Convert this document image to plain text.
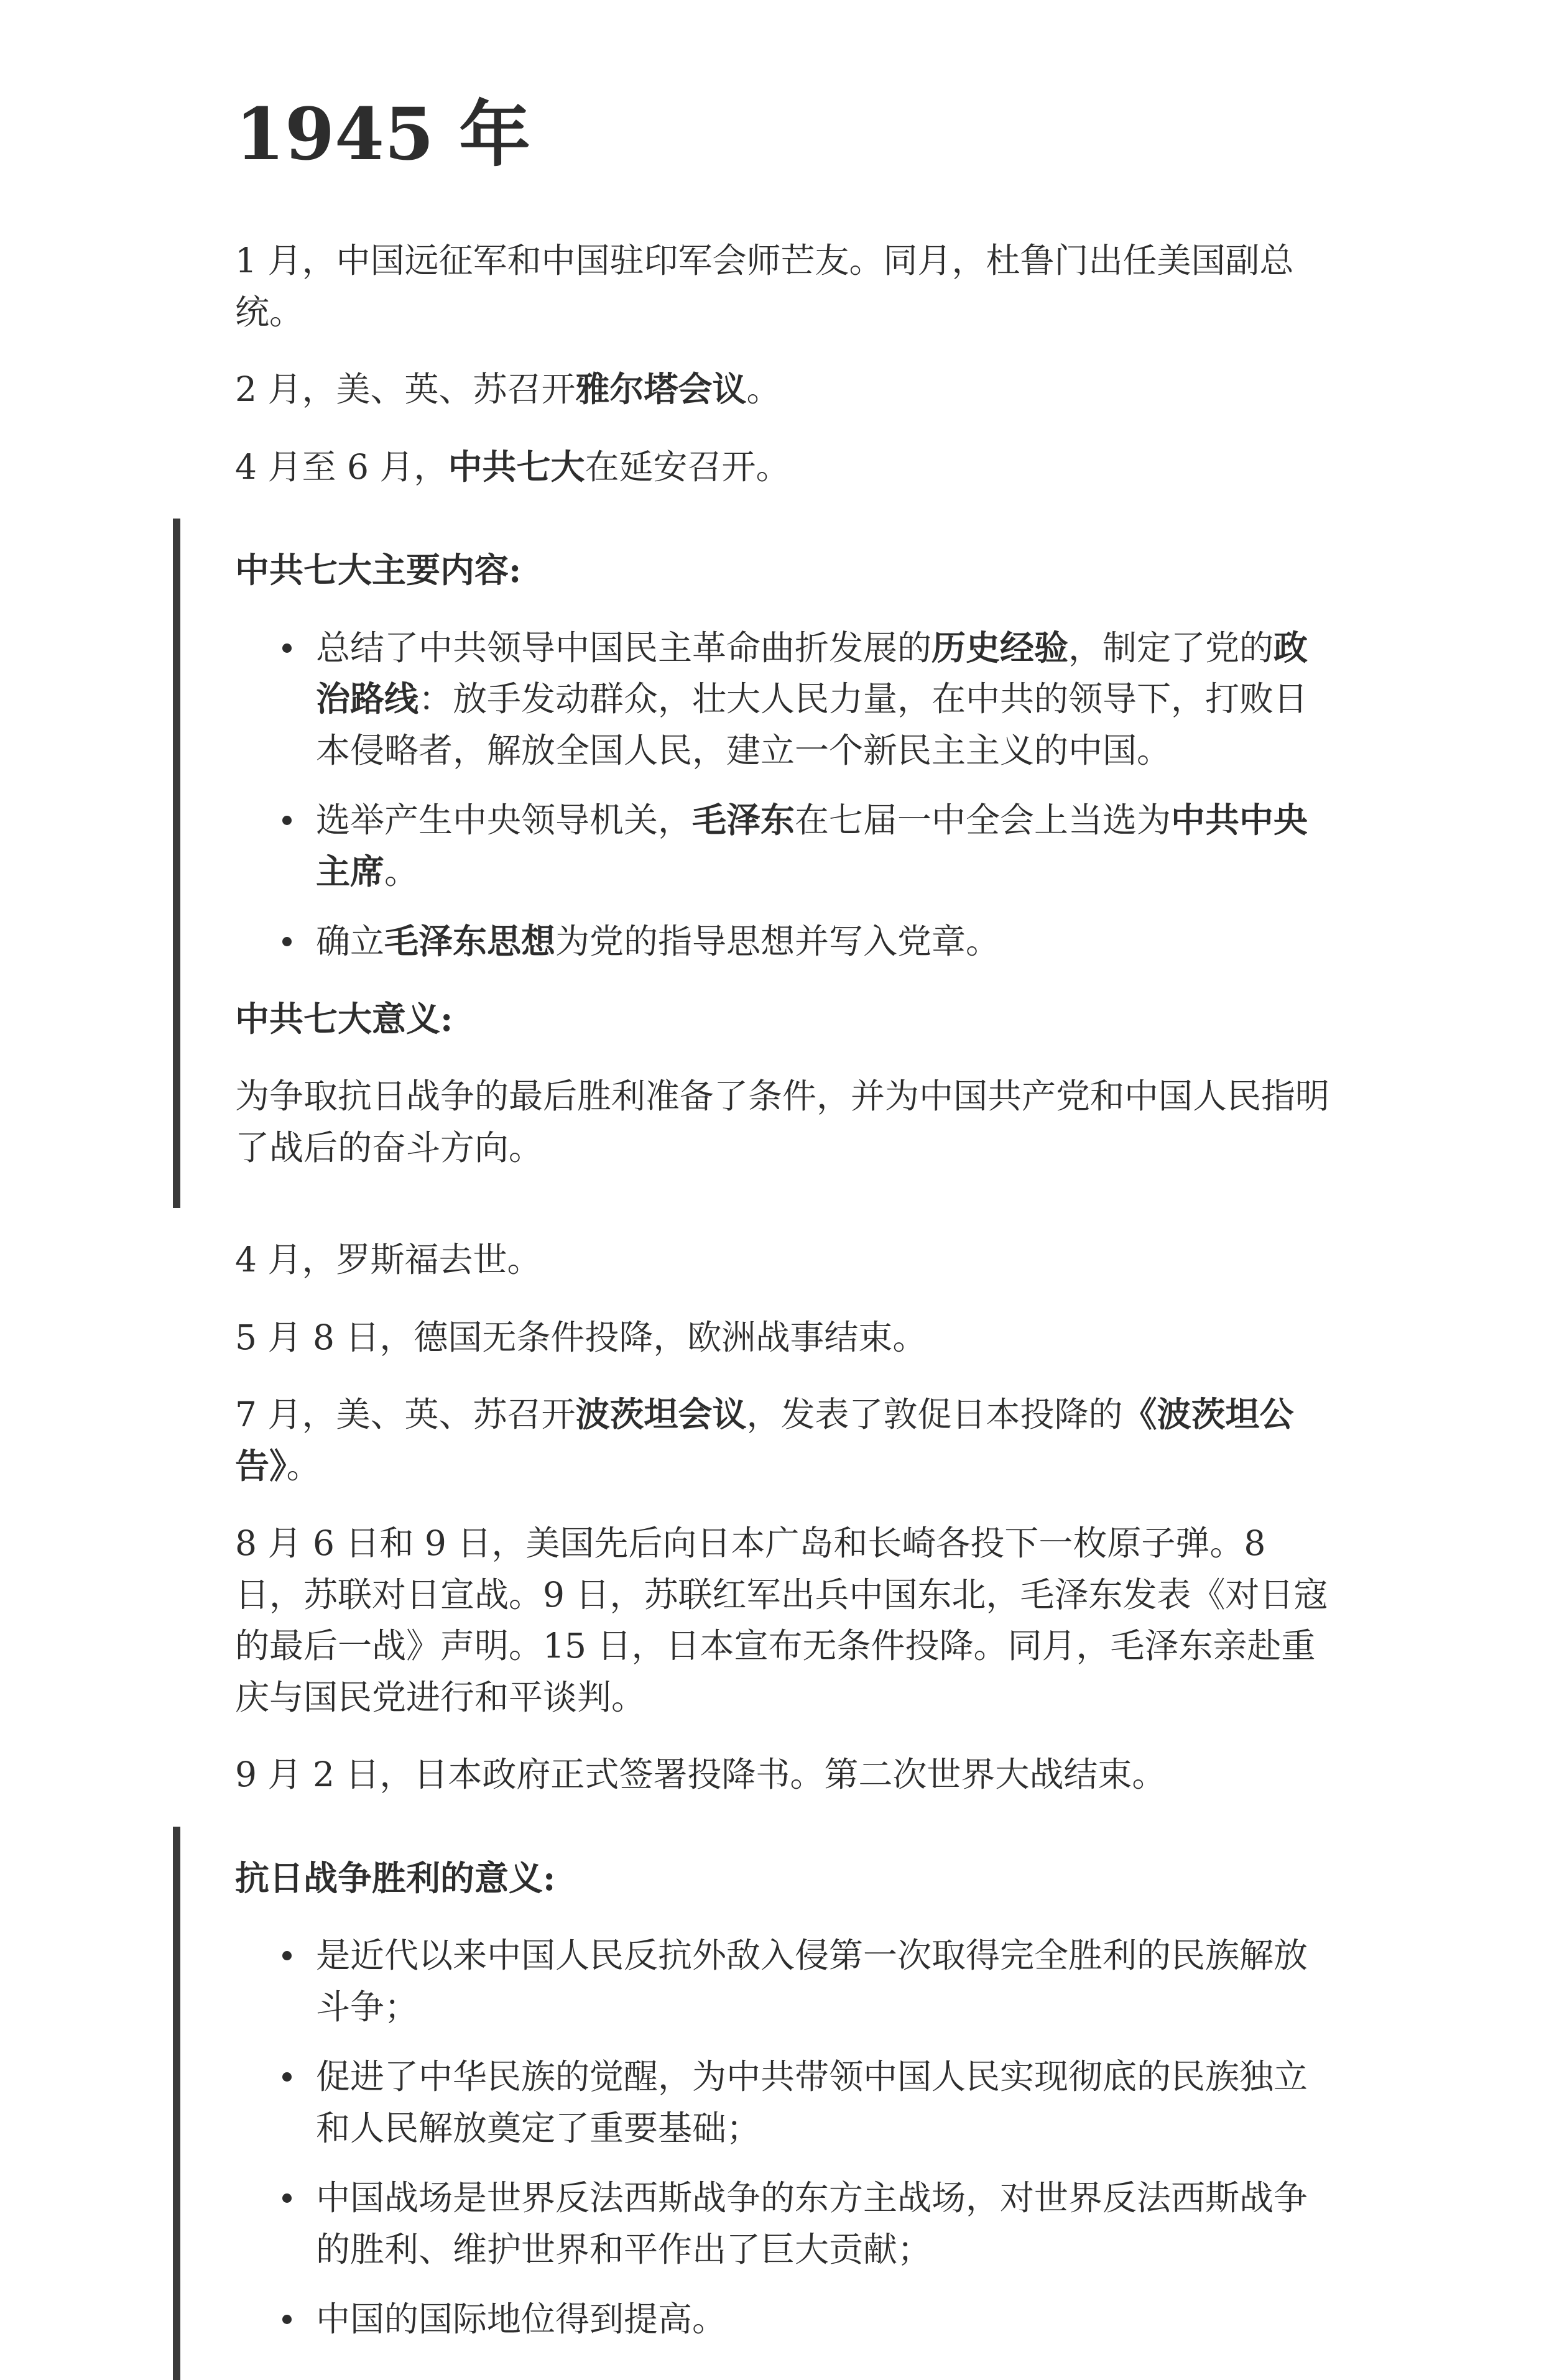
1945 年

1 月，中国远征军和中国驻印军会师芒友。同月，杜鲁门出任美国副总统。

2 月，美、英、苏召开雅尔塔会议。

4 月至 6 月，中共七大在延安召开。

中共七大主要内容:

总结了中共领导中国民主革命曲折发展的历史经验，制定了党的政治路线：放手发动群众，壮大人民力量，在中共的领导下，打败日本侵略者，解放全国人民，建立一个新民主主义的中国。
选举产生中央领导机关，毛泽东在七届一中全会上当选为中共中央主席。
确立毛泽东思想为党的指导思想并写入党章。

中共七大意义:

为争取抗日战争的最后胜利准备了条件，并为中国共产党和中国人民指明了战后的奋斗方向。

4 月，罗斯福去世。

5 月 8 日，德国无条件投降，欧洲战事结束。

7 月，美、英、苏召开波茨坦会议，发表了敦促日本投降的《波茨坦公告》。

8 月 6 日和 9 日，美国先后向日本广岛和长崎各投下一枚原子弹。8 日，苏联对日宣战。9 日，苏联红军出兵中国东北，毛泽东发表《对日寇的最后一战》声明。15 日，日本宣布无条件投降。同月，毛泽东亲赴重庆与国民党进行和平谈判。

9 月 2 日，日本政府正式签署投降书。第二次世界大战结束。

抗日战争胜利的意义:

是近代以来中国人民反抗外敌入侵第一次取得完全胜利的民族解放斗争；
促进了中华民族的觉醒，为中共带领中国人民实现彻底的民族独立和人民解放奠定了重要基础；
中国战场是世界反法西斯战争的东方主战场，对世界反法西斯战争的胜利、维护世界和平作出了巨大贡献；
中国的国际地位得到提高。
